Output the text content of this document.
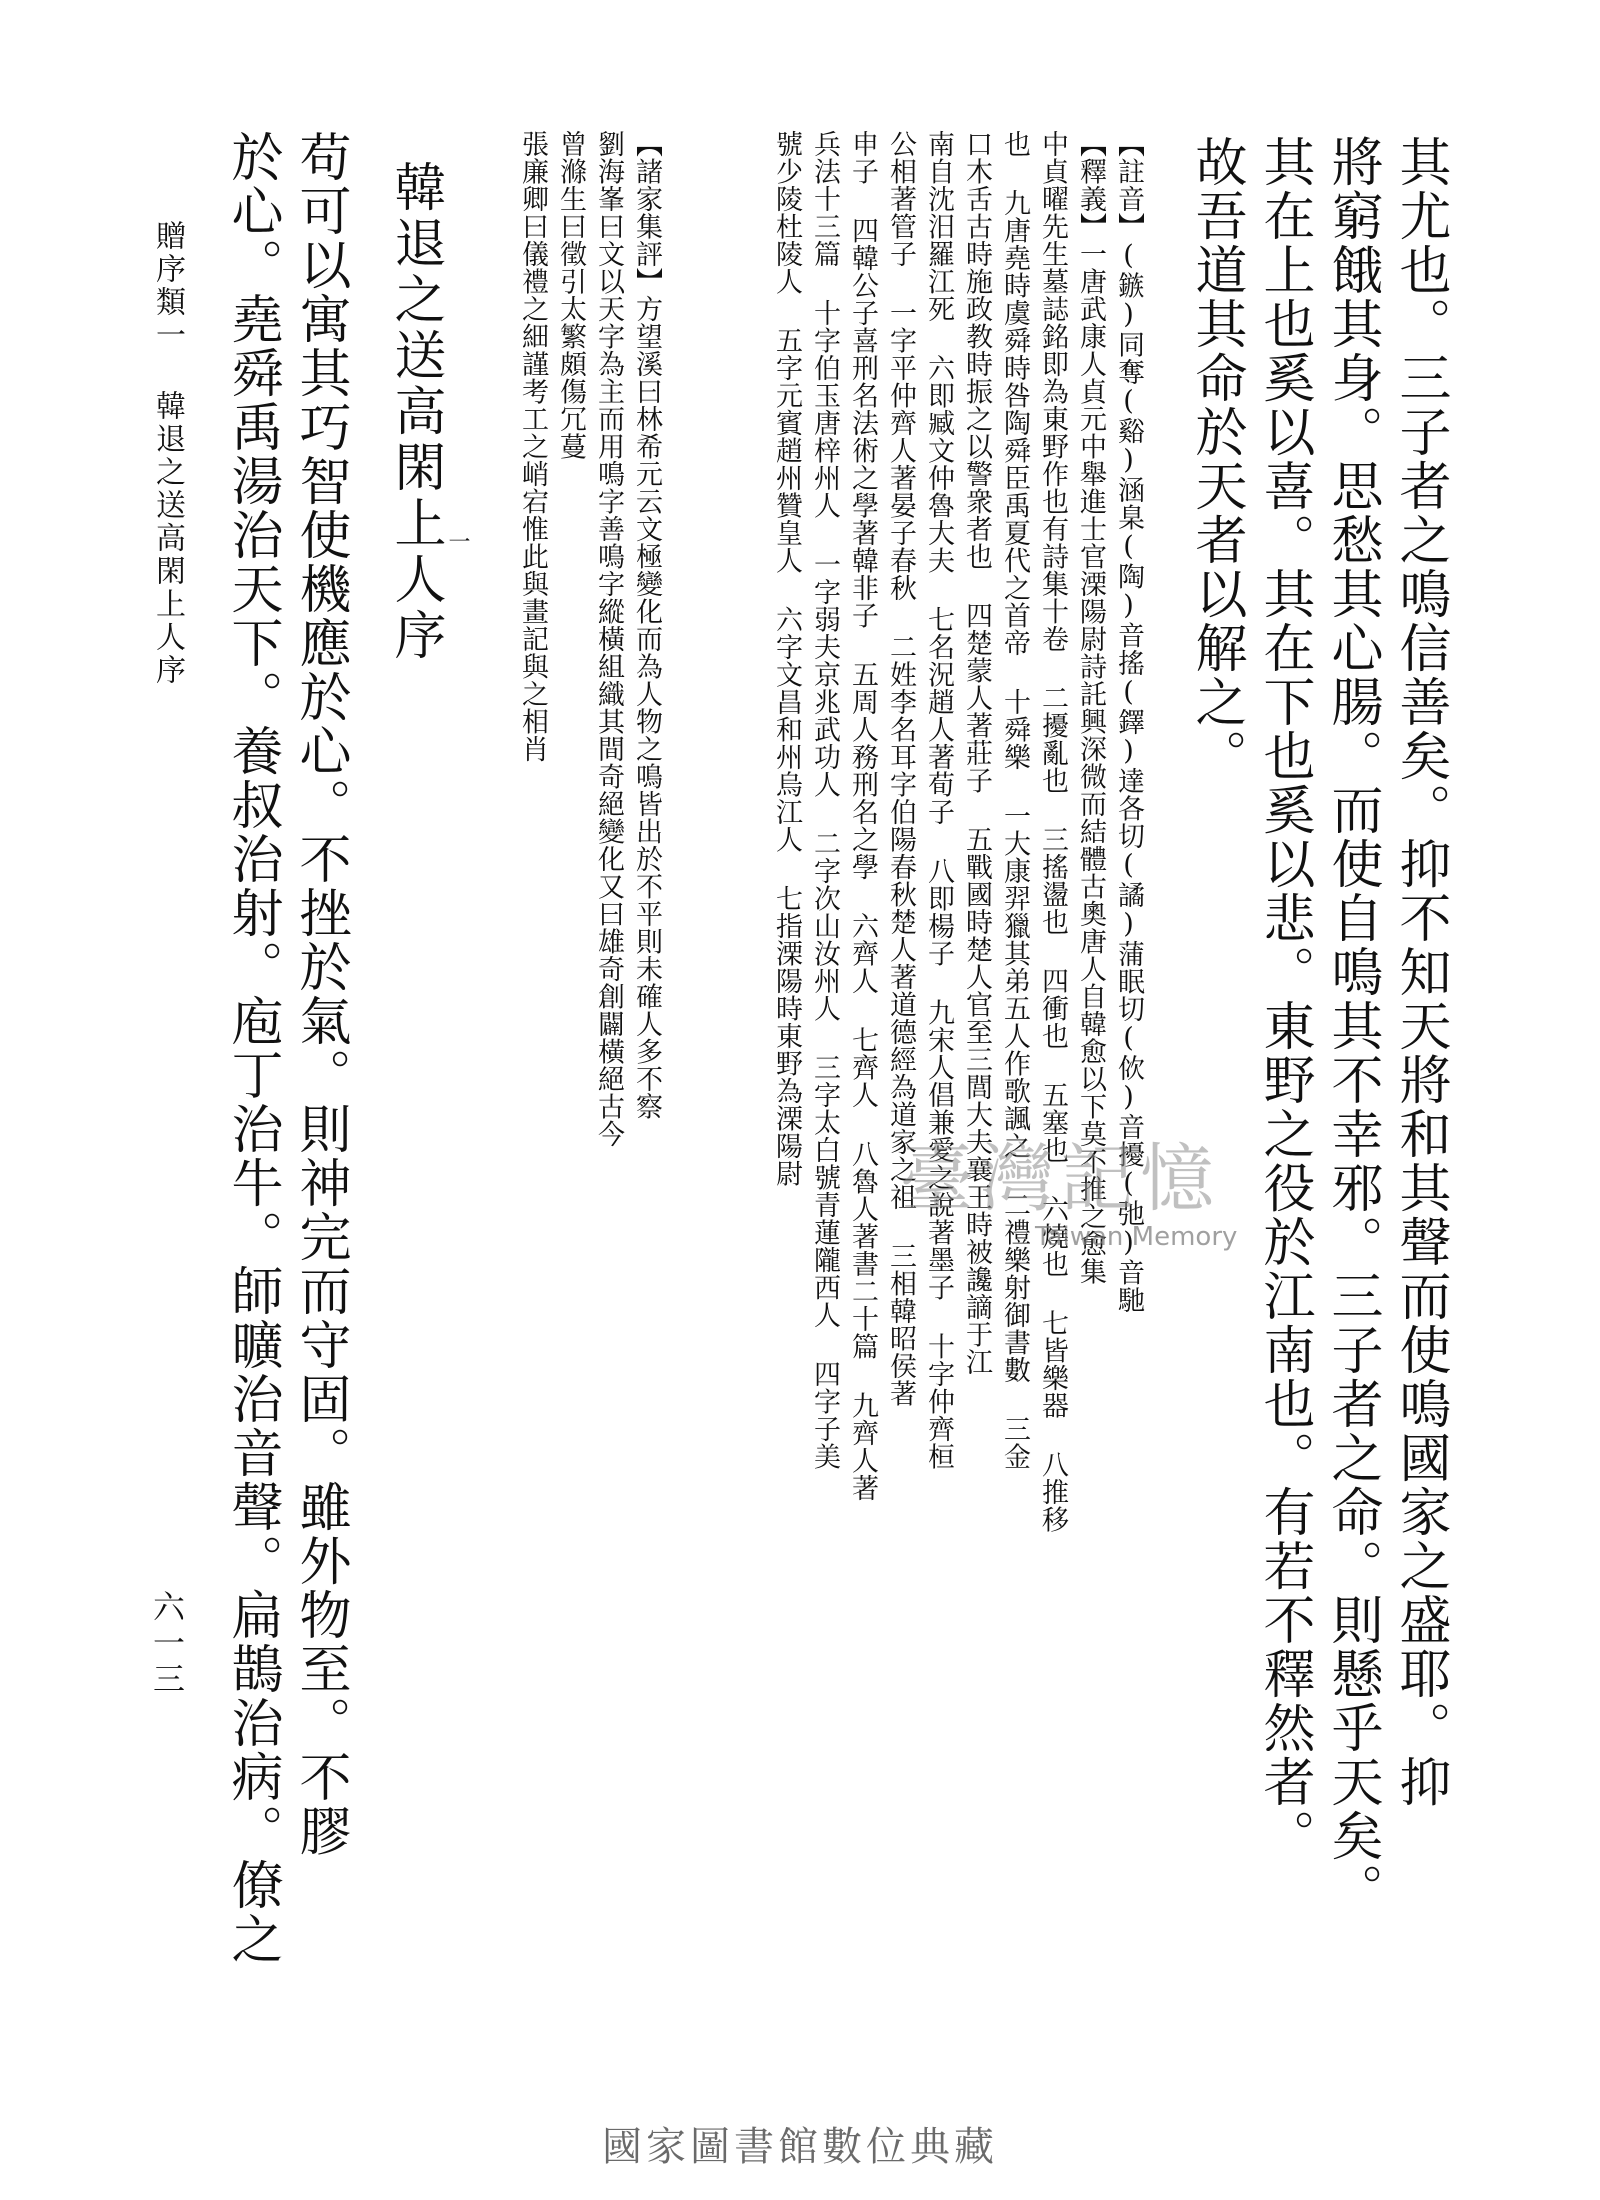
其尤也。三子者之鳴信善矣。抑不知天將和其聲而使鳴國家之盛耶。抑
將窮餓其身。思愁其心腸。而使自鳴其不幸邪。三子者之命。則懸乎天矣。
其在上也奚以喜。其在下也奚以悲。東野之役於江南也。有若不釋然者。
故吾道其命於天者以解之。
【註音】(鏃)同奪(谿)涵臬(陶)音搖(鐸)達各切(譎)蒲眠切(佽)音擾(弛)音馳
【釋義】一唐武康人貞元中舉進士官溧陽尉詩託興深微而結體古奧唐人自韓愈以下莫不推之愈集
中貞曜先生墓誌銘即為東野作也有詩集十卷 二擾亂也 三搖盪也 四衝也 五塞也 六燒也 七皆樂器 八推移
也 九唐堯時虞舜時咎陶舜臣禹夏代之首帝 十舜樂 一大康羿獵其弟五人作歌諷之 二禮樂射御書數 三金
口木舌古時施政教時振之以警衆者也 四楚蒙人著莊子 五戰國時楚人官至三閭大夫襄王時被讒謫于江
南自沈汨羅江死 六即臧文仲魯大夫 七名況趙人著荀子 八即楊子 九宋人倡兼愛之說著墨子 十字仲齊桓
公相著管子 一字平仲齊人著晏子春秋 二姓李名耳字伯陽春秋楚人著道德經為道家之祖 三相韓昭侯著
申子 四韓公子喜刑名法術之學著韓非子 五周人務刑名之學 六齊人 七齊人 八魯人著書二十篇 九齊人著
兵法十三篇 十字伯玉唐梓州人 一字弱夫京兆武功人 二字次山汝州人 三字太白號青蓮隴西人 四字子美
號少陵杜陵人 五字元賓趙州贊皇人 六字文昌和州烏江人 七指溧陽時東野為溧陽尉
【諸家集評】方望溪曰林希元云文極變化而為人物之鳴皆出於不平則未確人多不察
劉海峯曰文以天字為主而用鳴字善鳴字縱橫組織其間奇絕變化又曰雄奇創闢橫絕古今
曾滌生曰徵引太繁頗傷冗蔓
張廉卿曰儀禮之細謹考工之峭宕惟此與畫記與之相肖
韓退之送高閑上人序 一
苟可以寓其巧智使機應於心。不挫於氣。則神完而守固。雖外物至。不膠
於心。堯舜禹湯治天下。養叔治射。庖丁治牛。師曠治音聲。扁鵲治病。僚之
贈序類一 韓退之送高閑上人序
六一三
臺灣記憶
Taiwan Memory
國家圖書館數位典藏
